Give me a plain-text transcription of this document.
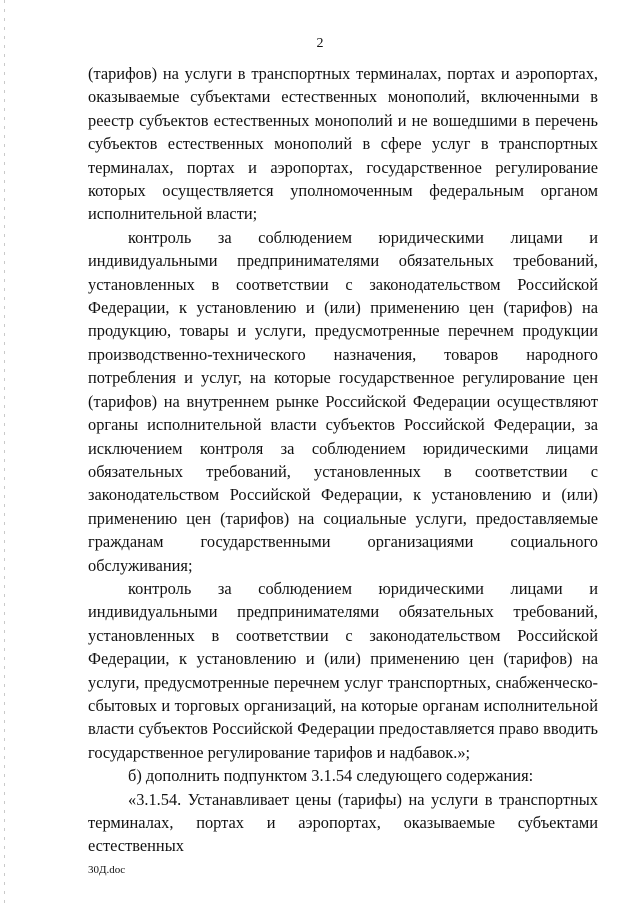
2

(тарифов) на услуги в транспортных терминалах, портах и аэропортах, оказываемые субъектами естественных монополий, включенными в реестр субъектов естественных монополий и не вошедшими в перечень субъектов естественных монополий в сфере услуг в транспортных терминалах, портах и аэропортах, государственное регулирование которых осуществляется уполномоченным федеральным органом исполнительной власти;

контроль за соблюдением юридическими лицами и индивидуальными предпринимателями обязательных требований, установленных в соответствии с законодательством Российской Федерации, к установлению и (или) применению цен (тарифов) на продукцию, товары и услуги, предусмотренные перечнем продукции производственно-технического назначения, товаров народного потребления и услуг, на которые государственное регулирование цен (тарифов) на внутреннем рынке Российской Федерации осуществляют органы исполнительной власти субъектов Российской Федерации, за исключением контроля за соблюдением юридическими лицами обязательных требований, установленных в соответствии с законодательством Российской Федерации, к установлению и (или) применению цен (тарифов) на социальные услуги, предоставляемые гражданам государственными организациями социального обслуживания;

контроль за соблюдением юридическими лицами и индивидуальными предпринимателями обязательных требований, установленных в соответствии с законодательством Российской Федерации, к установлению и (или) применению цен (тарифов) на услуги, предусмотренные перечнем услуг транспортных, снабженческо-сбытовых и торговых организаций, на которые органам исполнительной власти субъектов Российской Федерации предоставляется право вводить государственное регулирование тарифов и надбавок.»;

б) дополнить подпунктом 3.1.54 следующего содержания:

«3.1.54. Устанавливает цены (тарифы) на услуги в транспортных терминалах, портах и аэропортах, оказываемые субъектами естественных

30Д.doc
